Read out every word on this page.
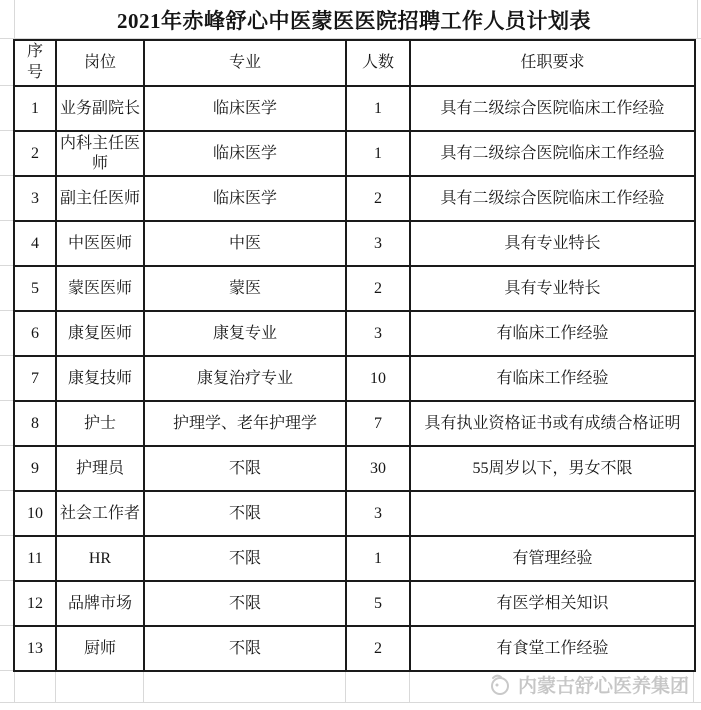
2021年赤峰舒心中医蒙医医院招聘工作人员计划表
序号	岗位	专业	人数	任职要求
1	业务副院长	临床医学	1	具有二级综合医院临床工作经验
2	内科主任医师	临床医学	1	具有二级综合医院临床工作经验
3	副主任医师	临床医学	2	具有二级综合医院临床工作经验
4	中医医师	中医	3	具有专业特长
5	蒙医医师	蒙医	2	具有专业特长
6	康复医师	康复专业	3	有临床工作经验
7	康复技师	康复治疗专业	10	有临床工作经验
8	护士	护理学、老年护理学	7	具有执业资格证书或有成绩合格证明
9	护理员	不限	30	55周岁以下，男女不限
10	社会工作者	不限	3	
11	HR	不限	1	有管理经验
12	品牌市场	不限	5	有医学相关知识
13	厨师	不限	2	有食堂工作经验
内蒙古舒心医养集团
